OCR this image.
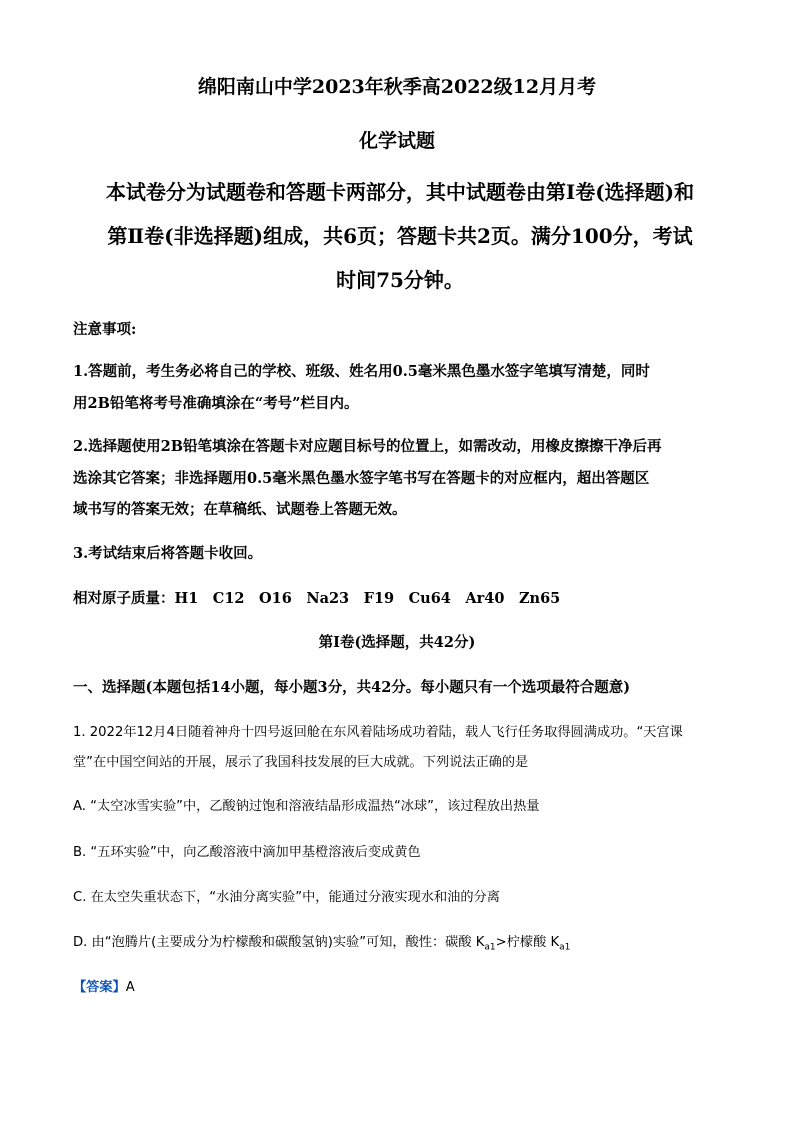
绵阳南山中学2023年秋季高2022级12月月考
化学试题
本试卷分为试题卷和答题卡两部分，其中试题卷由第Ⅰ卷(选择题)和
第Ⅱ卷(非选择题)组成，共6页；答题卡共2页。满分100分，考试
时间75分钟。
注意事项:
1.答题前，考生务必将自己的学校、班级、姓名用0.5毫米黑色墨水签字笔填写清楚，同时
用2B铅笔将考号准确填涂在“考号”栏目内。
2.选择题使用2B铅笔填涂在答题卡对应题目标号的位置上，如需改动，用橡皮擦擦干净后再
选涂其它答案；非选择题用0.5毫米黑色墨水签字笔书写在答题卡的对应框内，超出答题区
域书写的答案无效；在草稿纸、试题卷上答题无效。
3.考试结束后将答题卡收回。
相对原子质量：H1　C12　O16　Na23　F19　Cu64　Ar40　Zn65
第Ⅰ卷(选择题，共42分)
一、选择题(本题包括14小题，每小题3分，共42分。每小题只有一个选项最符合题意)
1. 2022年12月4日随着神舟十四号返回舱在东风着陆场成功着陆，载人飞行任务取得圆满成功。“天宫课
堂”在中国空间站的开展，展示了我国科技发展的巨大成就。下列说法正确的是
A. “太空冰雪实验”中，乙酸钠过饱和溶液结晶形成温热“冰球”，该过程放出热量
B. “五环实验”中，向乙酸溶液中滴加甲基橙溶液后变成黄色
C. 在太空失重状态下，“水油分离实验”中，能通过分液实现水和油的分离
D. 由“泡腾片(主要成分为柠檬酸和碳酸氢钠)实验”可知，酸性：碳酸 $K_{a1}>$柠檬酸 $K_{a1}$
【答案】A
